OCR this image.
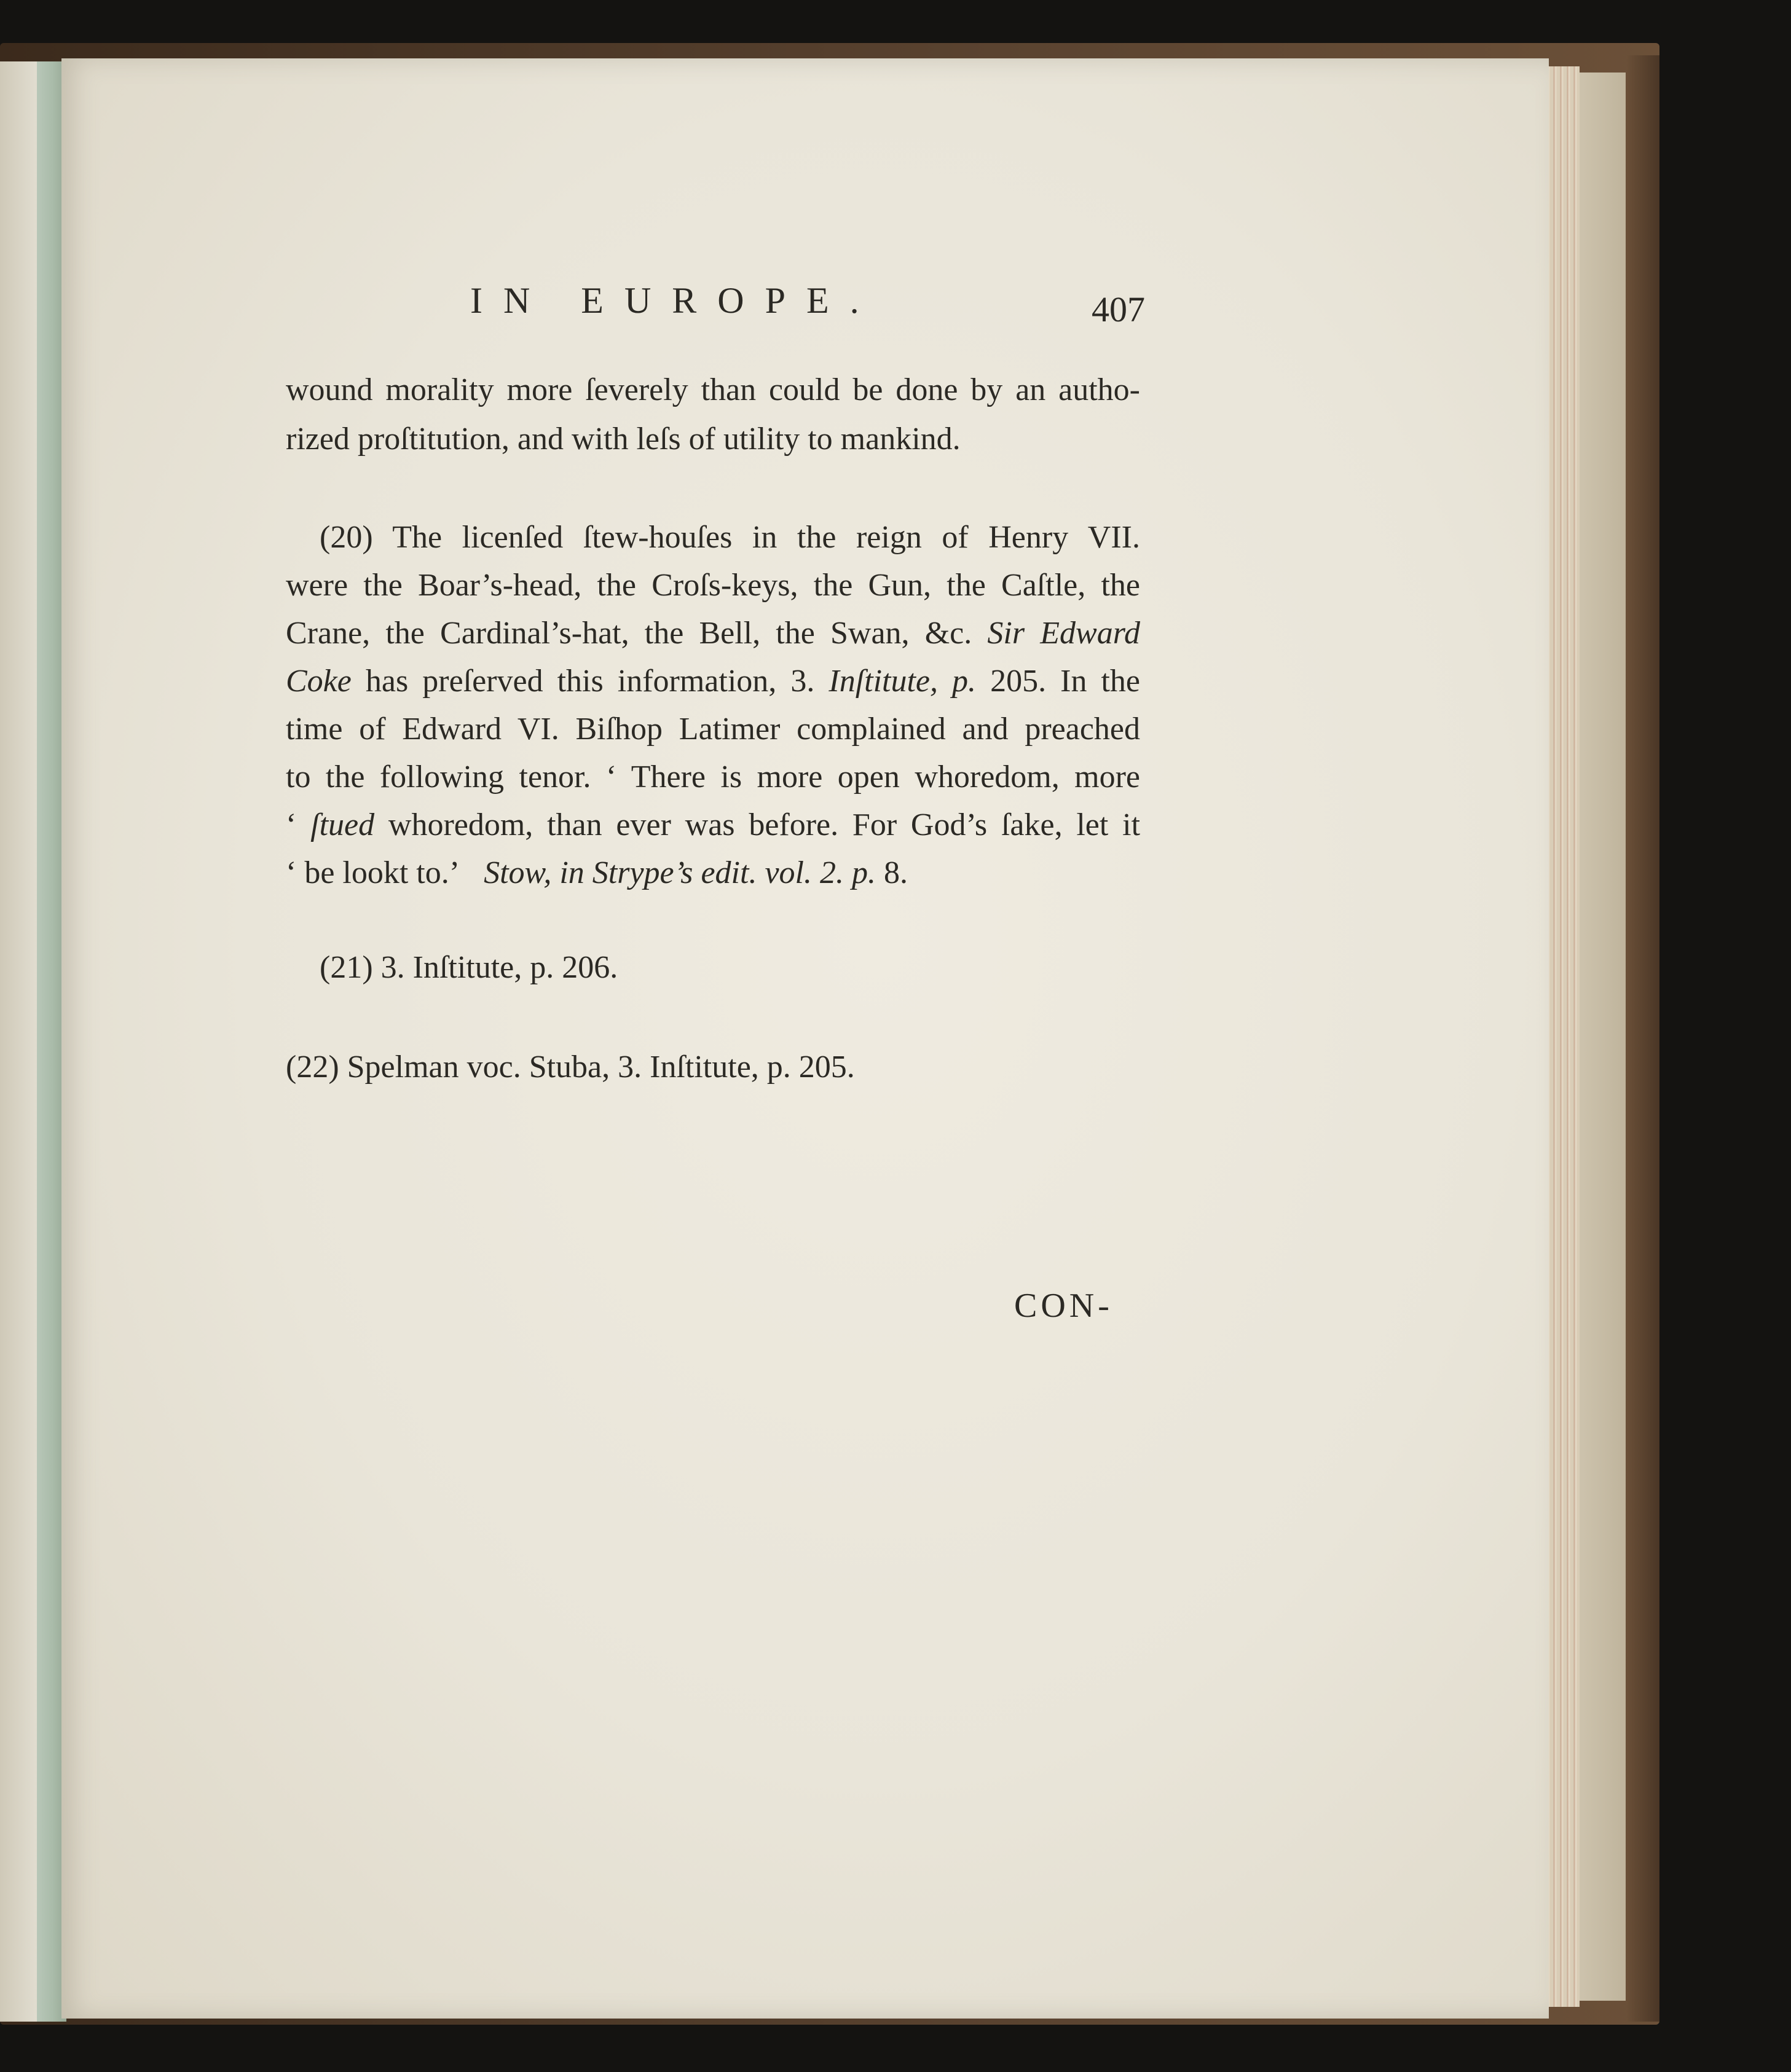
IN EUROPE.	407
wound morality more ſeverely than could be done by an autho-
rized proſtitution, and with leſs of utility to mankind.
(20) The licenſed ſtew-houſes in the reign of Henry VII.
were the Boar’s-head, the Croſs-keys, the Gun, the Caſtle, the
Crane, the Cardinal’s-hat, the Bell, the Swan, &c. Sir Edward
Coke has preſerved this information, 3. Inſtitute, p. 205. In the
time of Edward VI. Biſhop Latimer complained and preached
to the following tenor. ‘ There is more open whoredom, more
‘ ſtued whoredom, than ever was before. For God’s ſake, let it
‘ be lookt to.’ Stow, in Strype’s edit. vol. 2. p. 8.
(21) 3. Inſtitute, p. 206.
(22) Spelman voc. Stuba, 3. Inſtitute, p. 205.
CON-
